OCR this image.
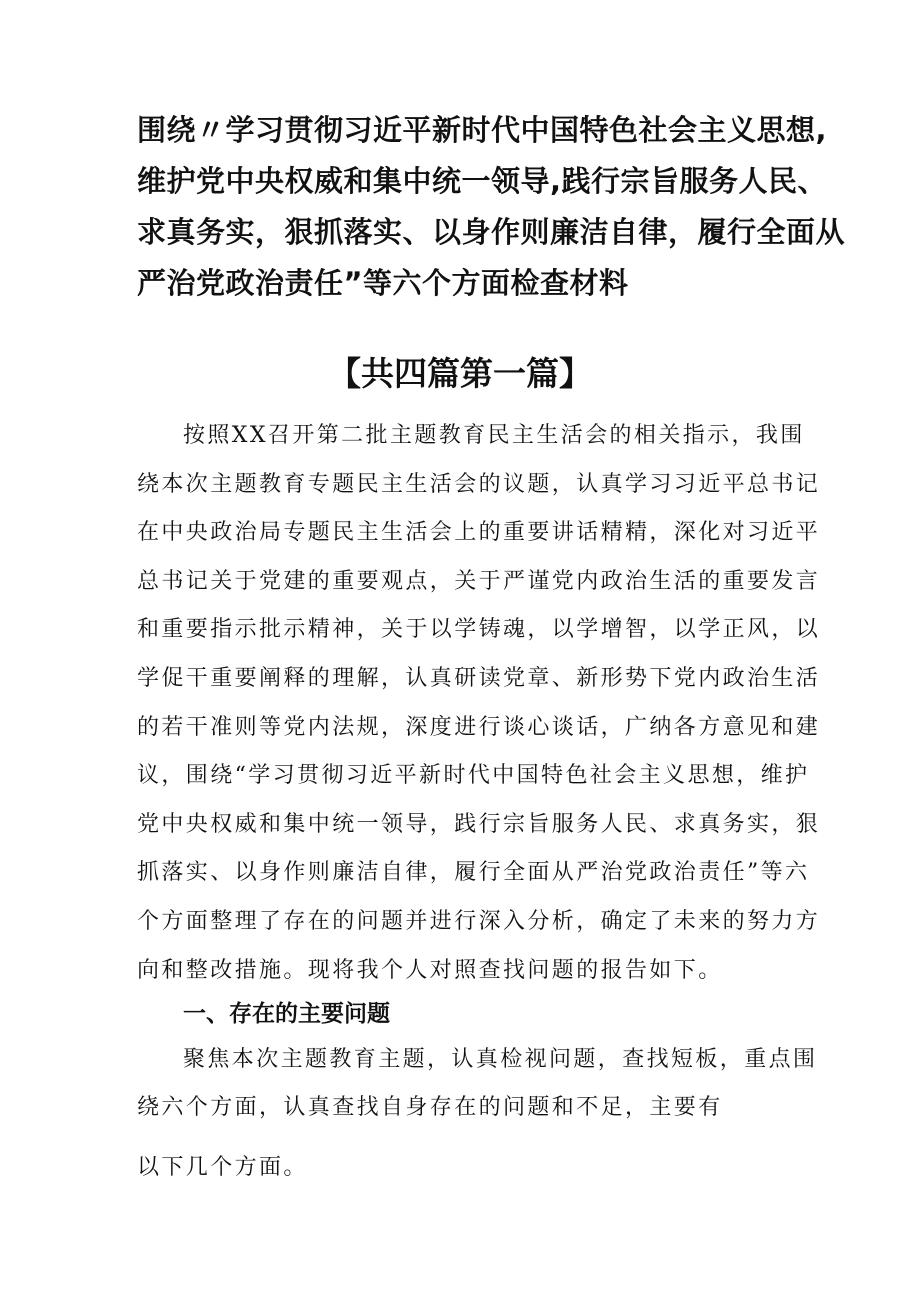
围绕〃学习贯彻习近平新时代中国特色社会主义思想,
维护党中央权威和集中统一领导,践行宗旨服务人民、
求真务实，狠抓落实、以身作则廉洁自律，履行全面从
严治党政治责任”等六个方面检查材料
【共四篇第一篇】
按照XX召开第二批主题教育民主生活会的相关指示，我围
绕本次主题教育专题民主生活会的议题，认真学习习近平总书记
在中央政治局专题民主生活会上的重要讲话精精，深化对习近平
总书记关于党建的重要观点，关于严谨党内政治生活的重要发言
和重要指示批示精神，关于以学铸魂，以学增智，以学正风，以
学促干重要阐释的理解，认真研读党章、新形势下党内政治生活
的若干准则等党内法规，深度进行谈心谈话，广纳各方意见和建
议，围绕“学习贯彻习近平新时代中国特色社会主义思想，维护
党中央权威和集中统一领导，践行宗旨服务人民、求真务实，狠
抓落实、以身作则廉洁自律，履行全面从严治党政治责任”等六
个方面整理了存在的问题并进行深入分析，确定了未来的努力方
向和整改措施。现将我个人对照查找问题的报告如下。
一、存在的主要问题
聚焦本次主题教育主题，认真检视问题，查找短板，重点围
绕六个方面，认真查找自身存在的问题和不足，主要有
以下几个方面。
